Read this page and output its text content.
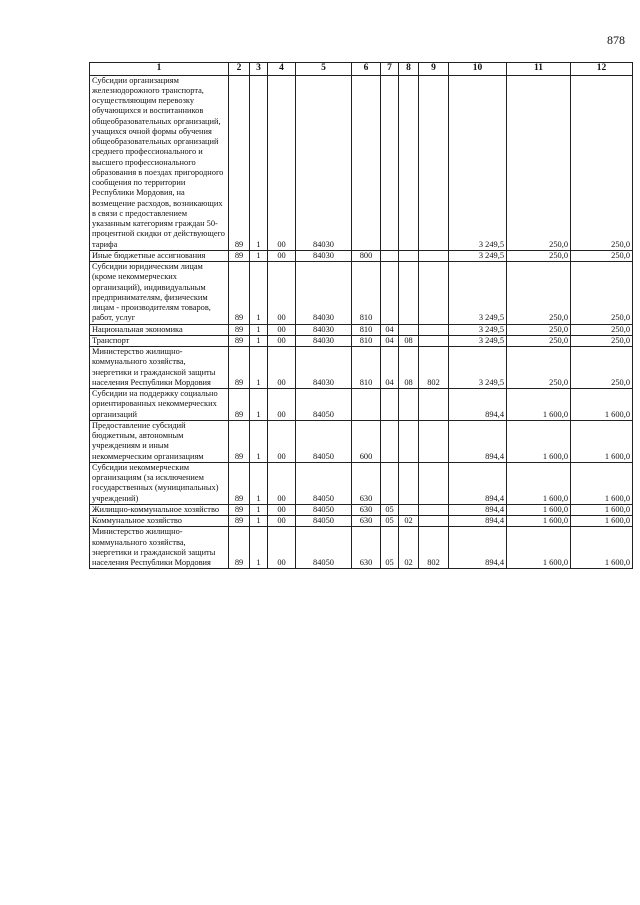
878
1	2	3	4	5	6	7	8	9	10	11	12
Субсидии организациям железнодорожного транспорта, осуществляющим перевозку обучающихся и воспитанников общеобразовательных организаций, учащихся очной формы обучения общеобразовательных организаций среднего профессионального и высшего профессионального образования в поездах пригородного сообщения по территории Республики Мордовия, на возмещение расходов, возникающих в связи с предоставлением указанным категориям граждан 50-процентной скидки от действующего тарифа	89	1	00	84030					3 249,5	250,0	250,0
Иные бюджетные ассигнования	89	1	00	84030	800				3 249,5	250,0	250,0
Субсидии юридическим лицам (кроме некоммерческих организаций), индивидуальным предпринимателям, физическим лицам - производителям товаров, работ, услуг	89	1	00	84030	810				3 249,5	250,0	250,0
Национальная экономика	89	1	00	84030	810	04			3 249,5	250,0	250,0
Транспорт	89	1	00	84030	810	04	08		3 249,5	250,0	250,0
Министерство жилищно-коммунального хозяйства, энергетики и гражданской защиты населения Республики Мордовия	89	1	00	84030	810	04	08	802	3 249,5	250,0	250,0
Субсидии на поддержку социально ориентированных некоммерческих организаций	89	1	00	84050					894,4	1 600,0	1 600,0
Предоставление субсидий бюджетным, автономным учреждениям и иным некоммерческим организациям	89	1	00	84050	600				894,4	1 600,0	1 600,0
Субсидии некоммерческим организациям (за исключением государственных (муниципальных) учреждений)	89	1	00	84050	630				894,4	1 600,0	1 600,0
Жилищно-коммунальное хозяйство	89	1	00	84050	630	05			894,4	1 600,0	1 600,0
Коммунальное хозяйство	89	1	00	84050	630	05	02		894,4	1 600,0	1 600,0
Министерство жилищно-коммунального хозяйства, энергетики и гражданской защиты населения Республики Мордовия	89	1	00	84050	630	05	02	802	894,4	1 600,0	1 600,0
